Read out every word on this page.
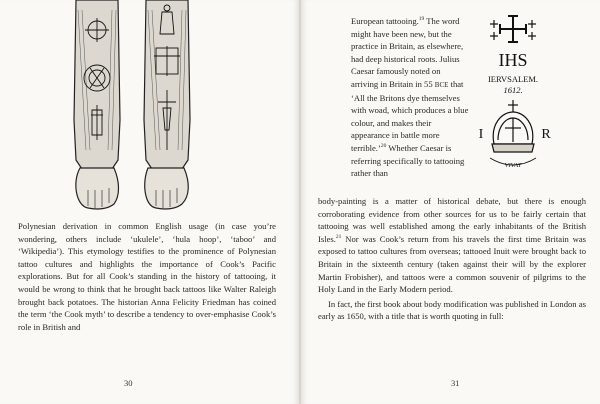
Polynesian derivation in common English usage (in case you’re wondering, others include ‘ukulele’, ‘hula hoop’, ‘taboo’ and ‘Wikipedia’). This etymology testifies to the prominence of Polynesian tattoo cultures and highlights the importance of Cook’s Pacific explorations. But for all Cook’s standing in the history of tattooing, it would be wrong to think that he brought back tattoos like Walter Raleigh brought back potatoes. The historian Anna Felicity Friedman has coined the term ‘the Cook myth’ to describe a tendency to over-emphasise Cook’s role in British and

30

European tattooing.$^{19}$ The word might have been new, but the practice in Britain, as elsewhere, had deep historical roots. Julius Caesar famously noted on arriving in Britain in 55 BCE that ‘All the Britons dye themselves with woad, which produces a blue colour, and makes their appearance in battle more terrible.’$^{20}$ Whether Caesar is referring specifically to tattooing rather than

IHS
IERVSALEM.
1612.
I	R
VIVAT

body-painting is a matter of historical debate, but there is enough corroborating evidence from other sources for us to be fairly certain that tattooing was well established among the early inhabitants of the British Isles.$^{21}$ Nor was Cook’s return from his travels the first time Britain was exposed to tattoo cultures from overseas; tattooed Inuit were brought back to Britain in the sixteenth century (taken against their will by the explorer Martin Frobisher), and tattoos were a common souvenir of pilgrims to the Holy Land in the Early Modern period.

In fact, the first book about body modification was published in London as early as 1650, with a title that is worth quoting in full:

31
